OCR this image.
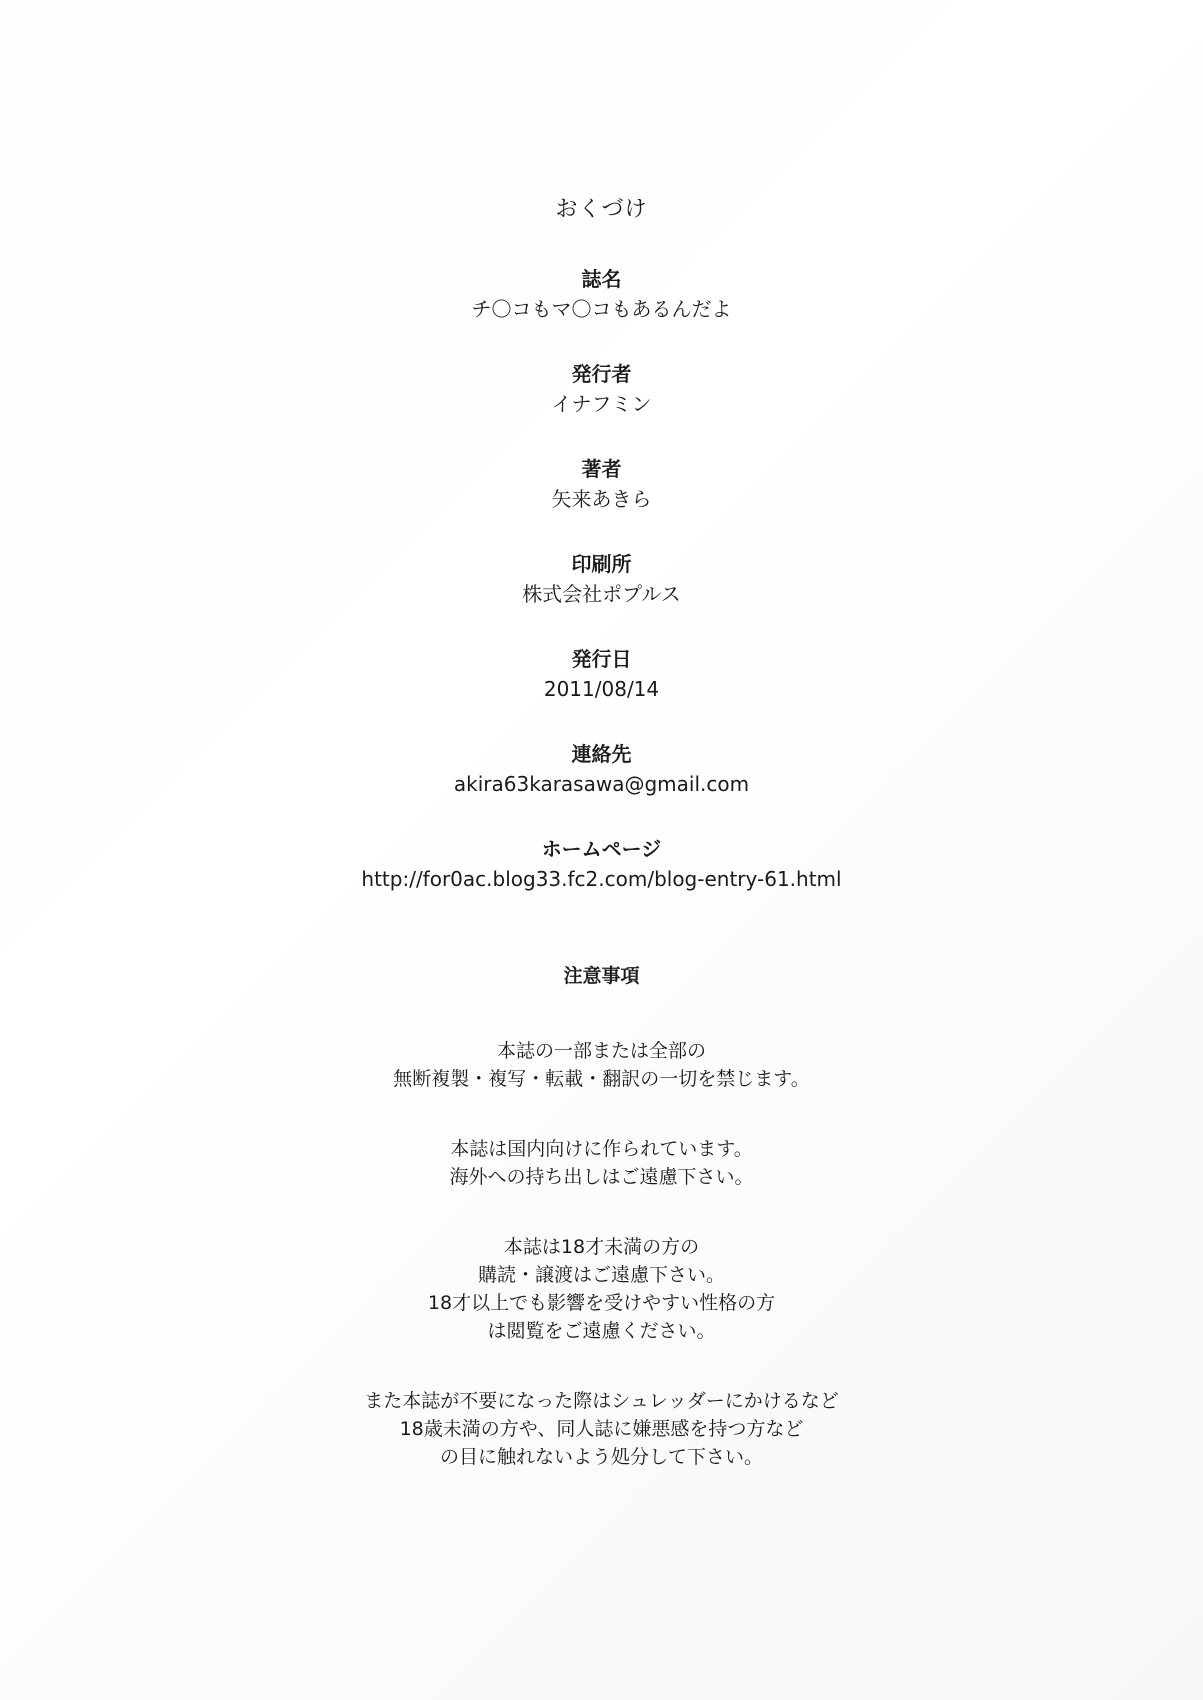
おくづけ

誌名

チ〇コもマ〇コもあるんだよ

発行者

イナフミン

著者

矢来あきら

印刷所

株式会社ポプルス

発行日

2011/08/14

連絡先

akira63karasawa@gmail.com

ホームページ

http://for0ac.blog33.fc2.com/blog-entry-61.html

注意事項

本誌の一部または全部の

無断複製・複写・転載・翻訳の一切を禁じます。

本誌は国内向けに作られています。

海外への持ち出しはご遠慮下さい。

本誌は18才未満の方の

購読・譲渡はご遠慮下さい。

18才以上でも影響を受けやすい性格の方

は閲覧をご遠慮ください。

また本誌が不要になった際はシュレッダーにかけるなど

18歳未満の方や、同人誌に嫌悪感を持つ方など

の目に触れないよう処分して下さい。
